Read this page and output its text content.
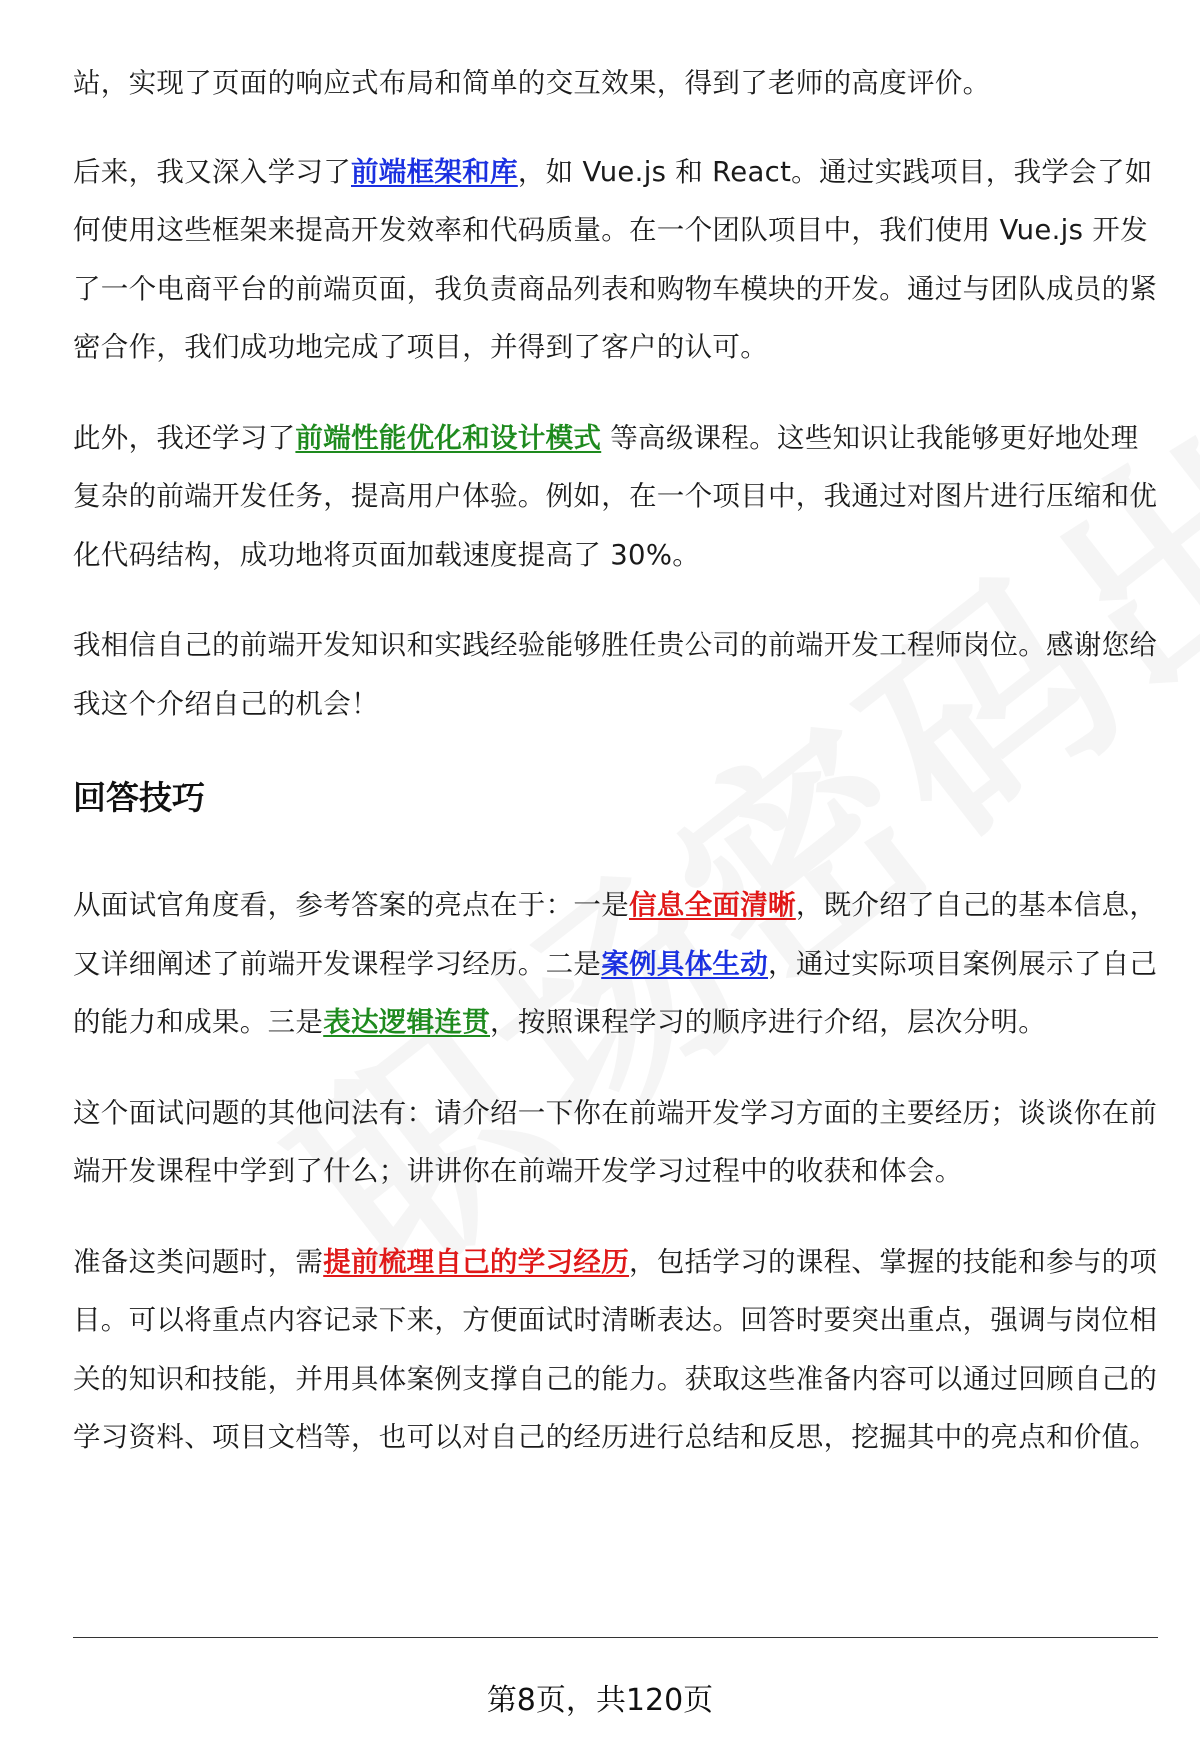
站，实现了页面的响应式布局和简单的交互效果，得到了老师的高度评价。

后来，我又深入学习了前端框架和库，如 Vue.js 和 React。通过实践项目，我学会了如何使用这些框架来提高开发效率和代码质量。在一个团队项目中，我们使用 Vue.js 开发了一个电商平台的前端页面，我负责商品列表和购物车模块的开发。通过与团队成员的紧密合作，我们成功地完成了项目，并得到了客户的认可。

此外，我还学习了前端性能优化和设计模式 等高级课程。这些知识让我能够更好地处理复杂的前端开发任务，提高用户体验。例如，在一个项目中，我通过对图片进行压缩和优化代码结构，成功地将页面加载速度提高了 30%。

我相信自己的前端开发知识和实践经验能够胜任贵公司的前端开发工程师岗位。感谢您给我这个介绍自己的机会！

回答技巧

从面试官角度看，参考答案的亮点在于：一是信息全面清晰，既介绍了自己的基本信息，又详细阐述了前端开发课程学习经历。二是案例具体生动，通过实际项目案例展示了自己的能力和成果。三是表达逻辑连贯，按照课程学习的顺序进行介绍，层次分明。

这个面试问题的其他问法有：请介绍一下你在前端开发学习方面的主要经历；谈谈你在前端开发课程中学到了什么；讲讲你在前端开发学习过程中的收获和体会。

准备这类问题时，需提前梳理自己的学习经历，包括学习的课程、掌握的技能和参与的项目。可以将重点内容记录下来，方便面试时清晰表达。回答时要突出重点，强调与岗位相关的知识和技能，并用具体案例支撑自己的能力。获取这些准备内容可以通过回顾自己的学习资料、项目文档等，也可以对自己的经历进行总结和反思，挖掘其中的亮点和价值。

第8页，共120页
